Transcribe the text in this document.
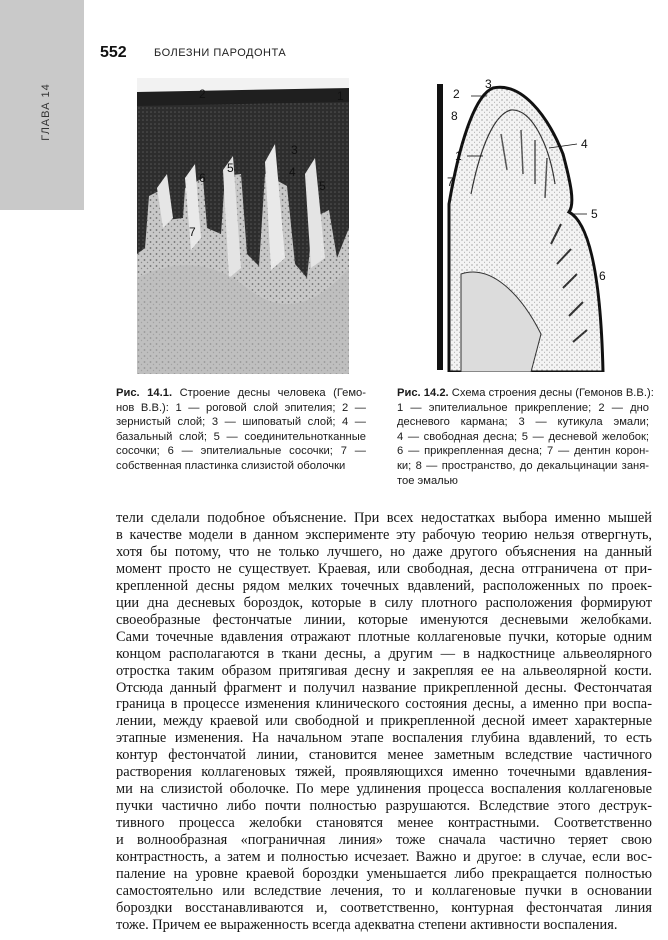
ГЛАВА 14
552 БОЛЕЗНИ ПАРОДОНТА
1
2
3
4
5
5
6
7
2
3
8
1
4
7
5
6
Рис. 14.1. Строение десны человека (Гемо-
нов В.В.): 1 — роговой слой эпителия; 2 —
зернистый слой; 3 — шиповатый слой; 4 —
базальный слой; 5 — соединительнотканные
сосочки; 6 — эпителиальные сосочки; 7 —
собственная пластинка слизистой оболочки
Рис. 14.2. Схема строения десны (Гемонов В.В.):
1 — эпителиальное прикрепление; 2 — дно
десневого кармана; 3 — кутикула эмали;
4 — свободная десна; 5 — десневой желобок;
6 — прикрепленная десна; 7 — дентин корон-
ки; 8 — пространство, до декальцинации заня-
тое эмалью
тели сделали подобное объяснение. При всех недостатках выбора именно мышей
в качестве модели в данном эксперименте эту рабочую теорию нельзя отвергнуть,
хотя бы потому, что не только лучшего, но даже другого объяснения на данный
момент просто не существует. Краевая, или свободная, десна отграничена от при-
крепленной десны рядом мелких точечных вдавлений, расположенных по проек-
ции дна десневых бороздок, которые в силу плотного расположения формируют
своеобразные фестончатые линии, которые именуются десневыми желобками.
Сами точечные вдавления отражают плотные коллагеновые пучки, которые одним
концом располагаются в ткани десны, а другим — в надкостнице альвеолярного
отростка таким образом притягивая десну и закрепляя ее на альвеолярной кости.
Отсюда данный фрагмент и получил название прикрепленной десны. Фестончатая
граница в процессе изменения клинического состояния десны, а именно при воспа-
лении, между краевой или свободной и прикрепленной десной имеет характерные
этапные изменения. На начальном этапе воспаления глубина вдавлений, то есть
контур фестончатой линии, становится менее заметным вследствие частичного
растворения коллагеновых тяжей, проявляющихся именно точечными вдавления-
ми на слизистой оболочке. По мере удлинения процесса воспаления коллагеновые
пучки частично либо почти полностью разрушаются. Вследствие этого деструк-
тивного процесса желобки становятся менее контрастными. Соответственно
и волнообразная «пограничная линия» тоже сначала частично теряет свою
контрастность, а затем и полностью исчезает. Важно и другое: в случае, если вос-
паление на уровне краевой бороздки уменьшается либо прекращается полностью
самостоятельно или вследствие лечения, то и коллагеновые пучки в основании
бороздки восстанавливаются и, соответственно, контурная фестончатая линия
тоже. Причем ее выраженность всегда адекватна степени активности воспаления.
